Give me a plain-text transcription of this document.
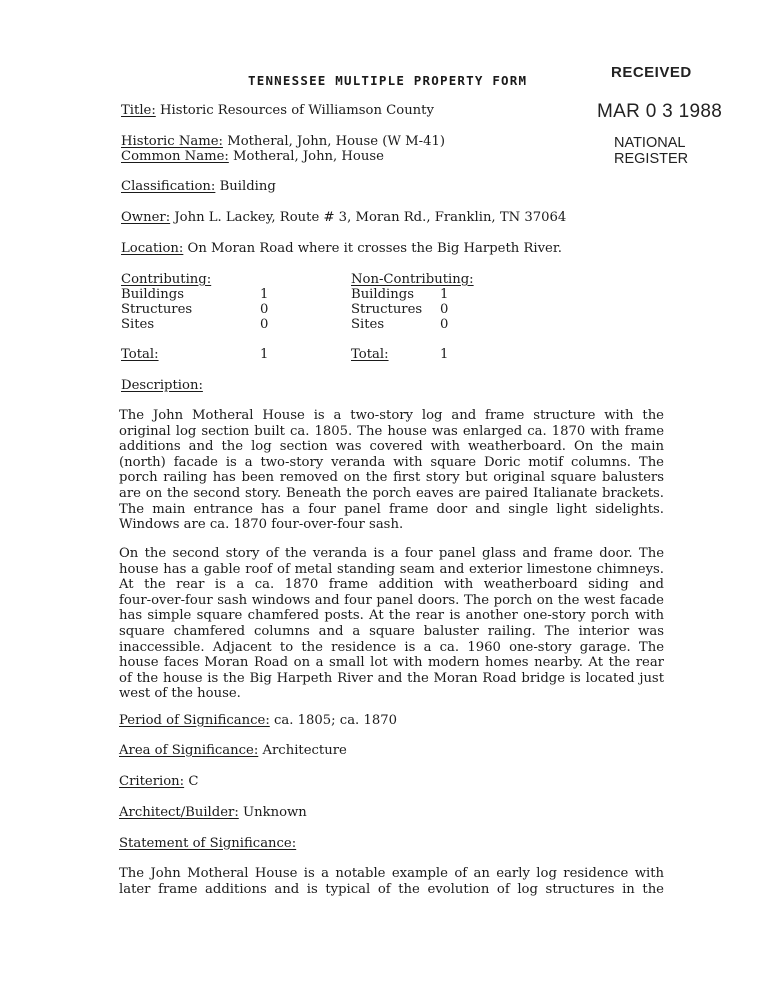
TENNESSEE MULTIPLE PROPERTY FORM	RECEIVED
MAR 0 3 1988
NATIONAL
REGISTER
Title: Historic Resources of Williamson County
Historic Name: Motheral, John, House (W M-41)
Common Name: Motheral, John, House
Classification: Building
Owner: John L. Lackey, Route # 3, Moran Rd., Franklin, TN 37064
Location: On Moran Road where it crosses the Big Harpeth River.
Contributing:
Buildings	1
Structures	0
Sites	0
Total:	1
Non-Contributing:
Buildings 1
Structures 0
Sites	0
Total:	1
Description:
The John Motheral House is a two-story log and frame structure with the
original log section built ca. 1805. The house was enlarged ca. 1870 with frame
additions and the log section was covered with weatherboard. On the main
(north) facade is a two-story veranda with square Doric motif columns. The
porch railing has been removed on the first story but original square balusters
are on the second story. Beneath the porch eaves are paired Italianate brackets.
The main entrance has a four panel frame door and single light sidelights.
Windows are ca. 1870 four-over-four sash.
On the second story of the veranda is a four panel glass and frame door. The
house has a gable roof of metal standing seam and exterior limestone chimneys.
At the rear is a ca. 1870 frame addition with weatherboard siding and
four-over-four sash windows and four panel doors. The porch on the west facade
has simple square chamfered posts. At the rear is another one-story porch with
square chamfered columns and a square baluster railing. The interior was
inaccessible. Adjacent to the residence is a ca. 1960 one-story garage. The
house faces Moran Road on a small lot with modern homes nearby. At the rear
of the house is the Big Harpeth River and the Moran Road bridge is located just
west of the house.
Period of Significance: ca. 1805; ca. 1870
Area of Significance: Architecture
Criterion: C
Architect/Builder: Unknown
Statement of Significance:
The John Motheral House is a notable example of an early log residence with
later frame additions and is typical of the evolution of log structures in the
